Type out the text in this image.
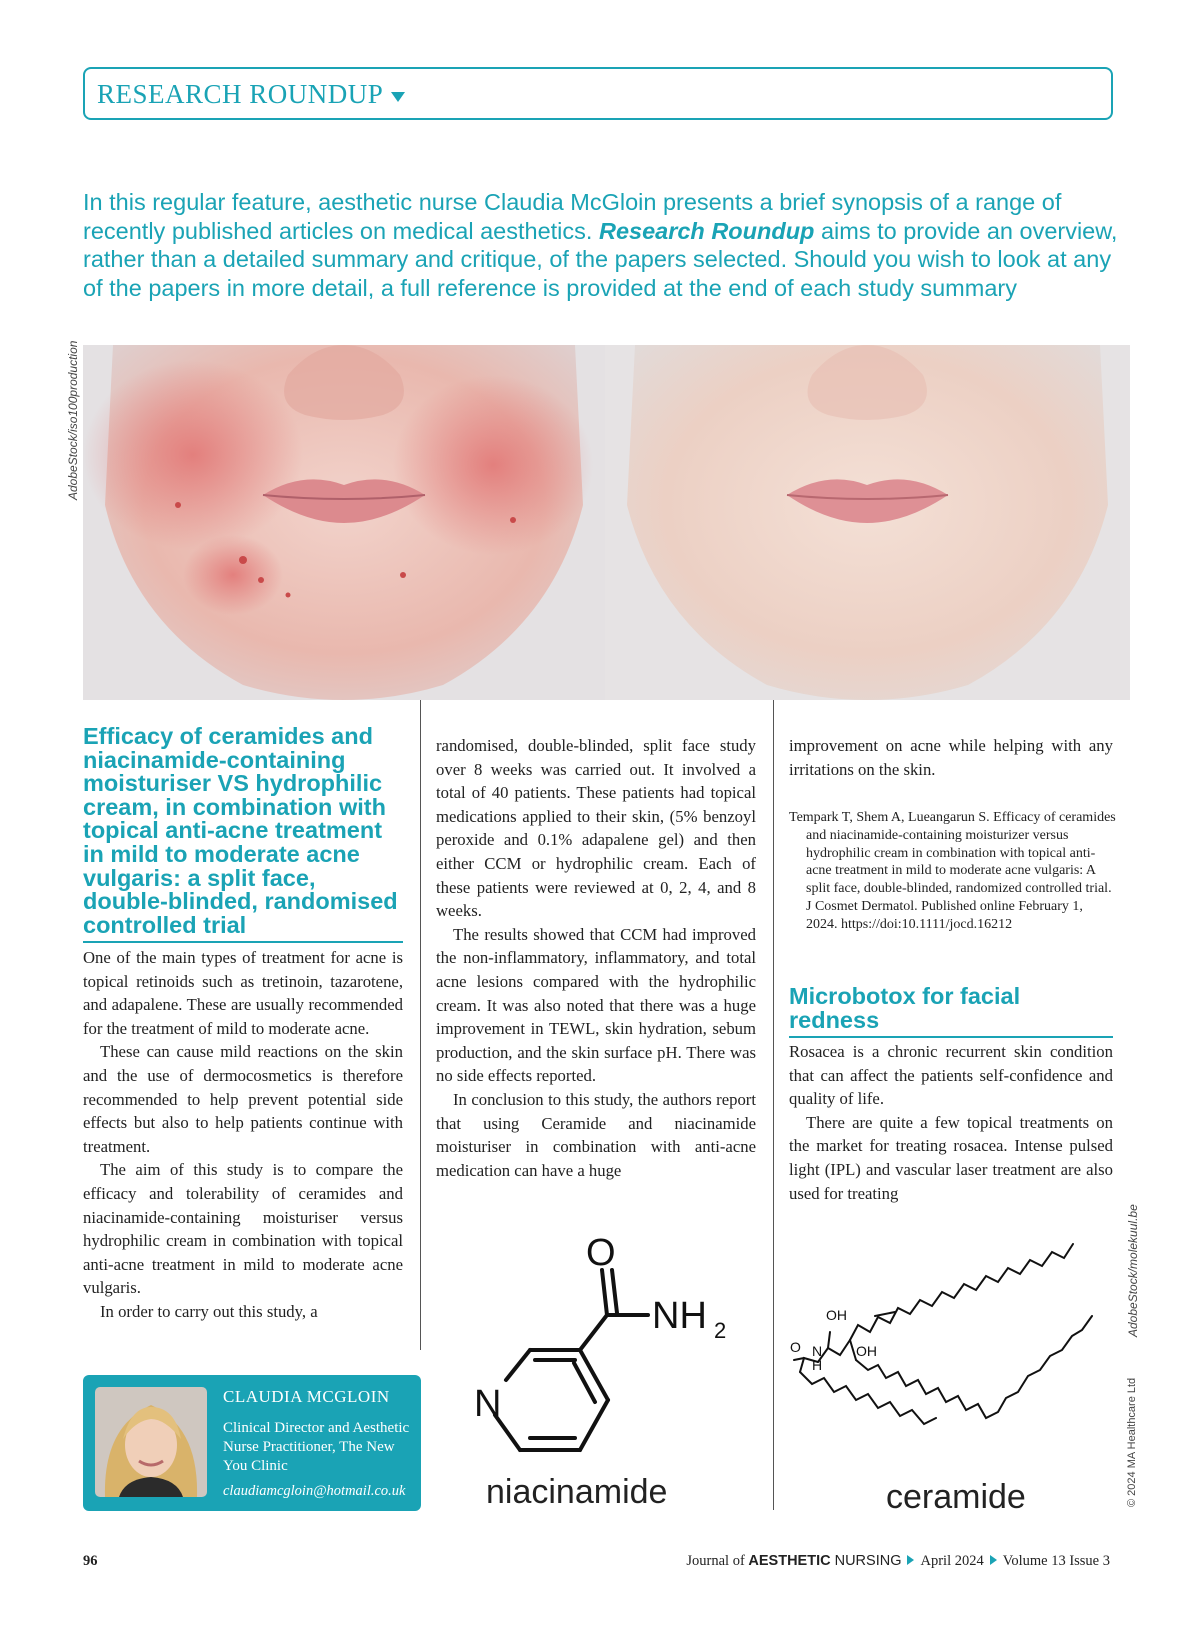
RESEARCH ROUNDUP
In this regular feature, aesthetic nurse Claudia McGloin presents a brief synopsis of a range of recently published articles on medical aesthetics. Research Roundup aims to provide an overview, rather than a detailed summary and critique, of the papers selected. Should you wish to look at any of the papers in more detail, a full reference is provided at the end of each study summary
AdobeStock/iso100production
Efficacy of ceramides and niacinamide-containing moisturiser VS hydrophilic cream, in combination with topical anti-acne treatment in mild to moderate acne vulgaris: a split face, double-blinded, randomised controlled trial

One of the main types of treatment for acne is topical retinoids such as tretinoin, tazarotene, and adapalene. These are usually recommended for the treatment of mild to moderate acne.

These can cause mild reactions on the skin and the use of dermocosmetics is therefore recommended to help prevent potential side effects but also to help patients continue with treatment.

The aim of this study is to compare the efficacy and tolerability of ceramides and niacinamide-containing moisturiser versus hydrophilic cream in combination with topical anti-acne treatment in mild to moderate acne vulgaris.

In order to carry out this study, a

randomised, double-blinded, split face study over 8 weeks was carried out. It involved a total of 40 patients. These patients had topical medications applied to their skin, (5% benzoyl peroxide and 0.1% adapalene gel) and then either CCM or hydrophilic cream. Each of these patients were reviewed at 0, 2, 4, and 8 weeks.

The results showed that CCM had improved the non-inflammatory, inflammatory, and total acne lesions compared with the hydrophilic cream. It was also noted that there was a huge improvement in TEWL, skin hydration, sebum production, and the skin surface pH. There was no side effects reported.

In conclusion to this study, the authors report that using Ceramide and niacinamide moisturiser in combination with anti-acne medication can have a huge

improvement on acne while helping with any irritations on the skin.

Tempark T, Shem A, Lueangarun S. Efficacy of ceramides and niacinamide-containing moisturizer versus hydrophilic cream in combination with topical anti-acne treatment in mild to moderate acne vulgaris: A split face, double-blinded, randomized controlled trial. J Cosmet Dermatol. Published online February 1, 2024. https://doi:10.1111/jocd.16212
Microbotox for facial redness

Rosacea is a chronic recurrent skin condition that can affect the patients self-confidence and quality of life.

There are quite a few topical treatments on the market for treating rosacea. Intense pulsed light (IPL) and vascular laser treatment are also used for treating

O
NH 2
N
niacinamide
OH
OH
O N
H
ceramide
AdobeStock/molekuul.be
© 2024 MA Healthcare Ltd
CLAUDIA MCGLOIN
Clinical Director and Aesthetic Nurse Practitioner, The New You Clinic
claudiamcgloin@hotmail.co.uk
96	Journal of AESTHETIC NURSING April 2024 Volume 13 Issue 3
